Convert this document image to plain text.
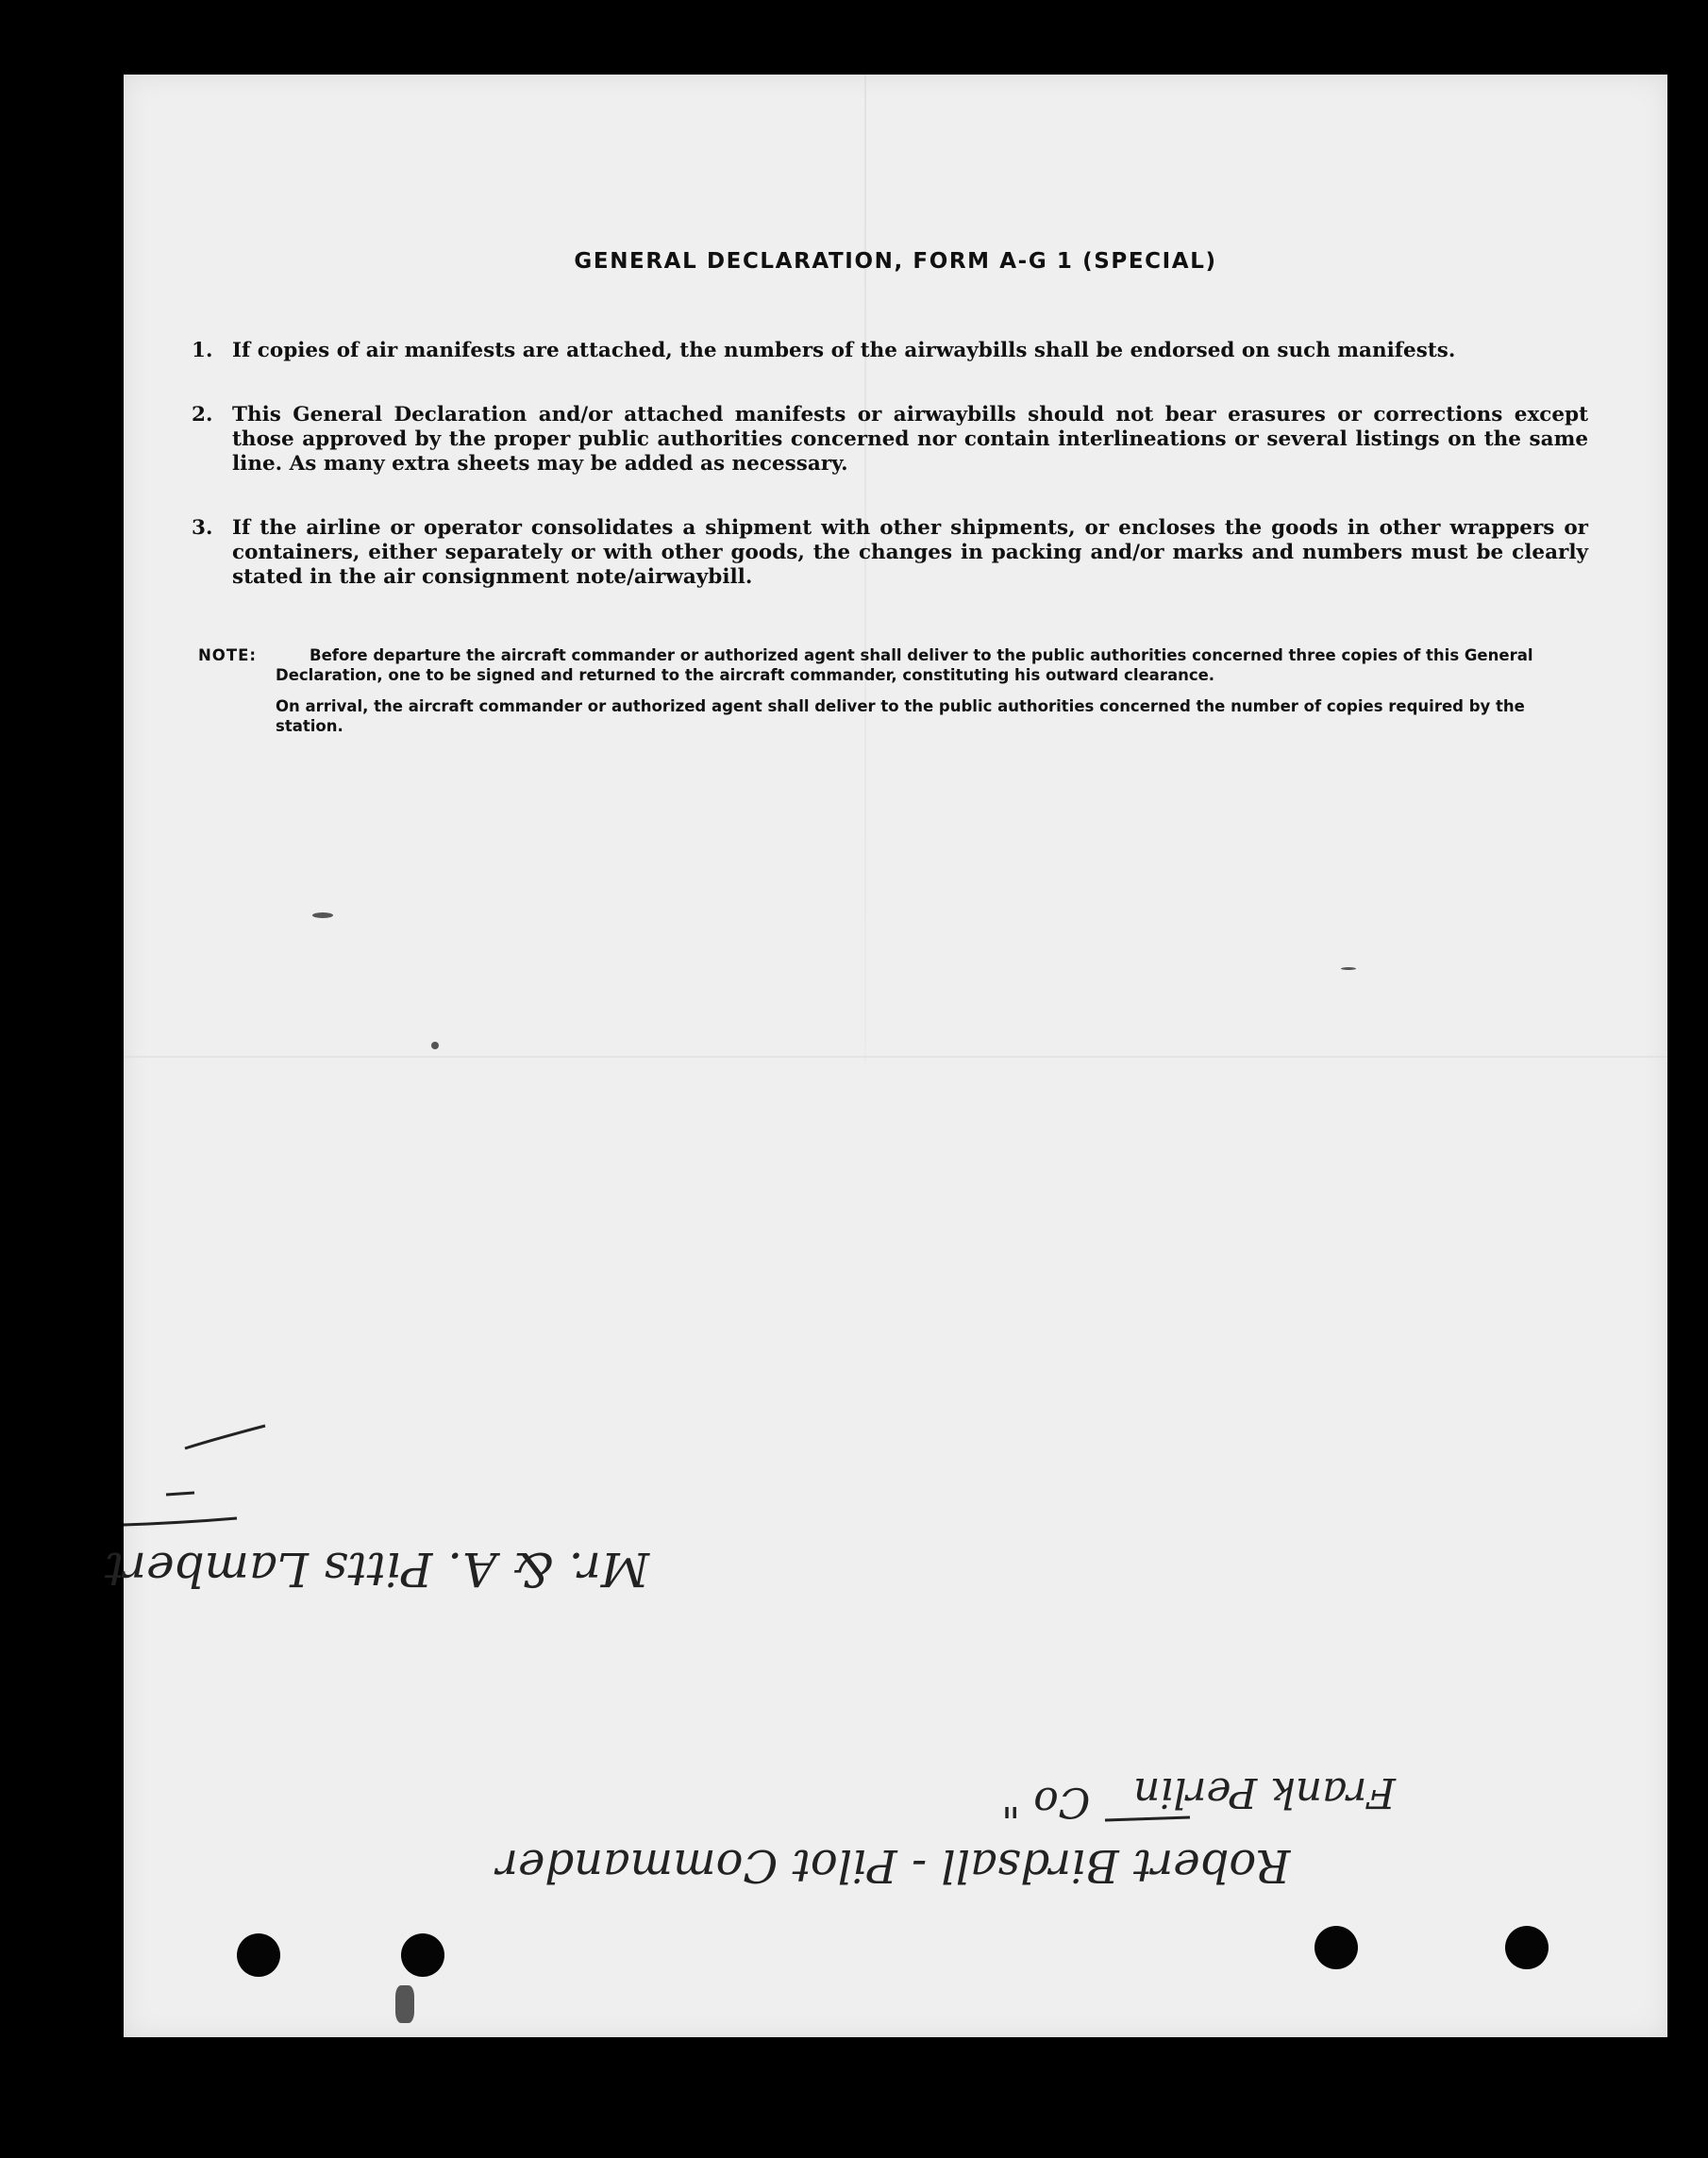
GENERAL DECLARATION, FORM A-G 1 (SPECIAL)
1. If copies of air manifests are attached, the numbers of the airwaybills shall be endorsed on such manifests.
2. This General Declaration and/or attached manifests or airwaybills should not bear erasures or corrections except those approved by the proper public authorities concerned nor contain interlineations or several listings on the same line. As many extra sheets may be added as necessary.
3. If the airline or operator consolidates a shipment with other shipments, or encloses the goods in other wrappers or containers, either separately or with other goods, the changes in packing and/or marks and numbers must be clearly stated in the air consignment note/airwaybill.
NOTE:	Before departure the aircraft commander or authorized agent shall deliver to the public authorities concerned three copies of this General Declaration, one to be signed and returned to the aircraft commander, constituting his outward clearance.

On arrival, the aircraft commander or authorized agent shall deliver to the public authorities concerned the number of copies required by the station.

Mr. & A. Pitts Lambert
Frank Perlin
Co "
Robert Birdsall - Pilot Commander
